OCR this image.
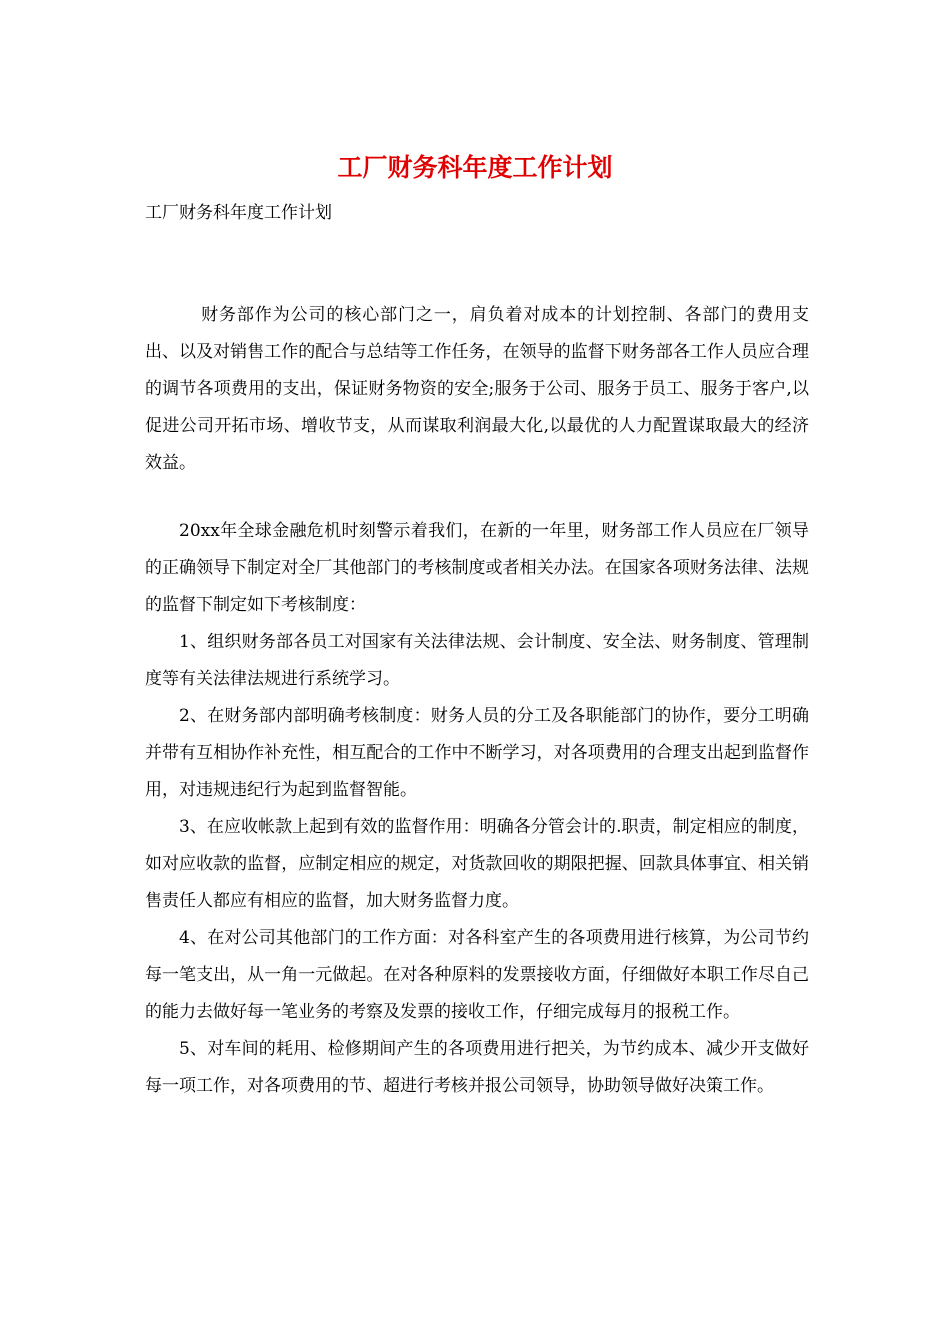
工厂财务科年度工作计划
工厂财务科年度工作计划

财务部作为公司的核心部门之一，肩负着对成本的计划控制、各部门的费用支出、以及对销售工作的配合与总结等工作任务，在领导的监督下财务部各工作人员应合理的调节各项费用的支出，保证财务物资的安全;服务于公司、服务于员工、服务于客户,以促进公司开拓市场、增收节支，从而谋取利润最大化,以最优的人力配置谋取最大的经济效益。

20xx年全球金融危机时刻警示着我们，在新的一年里，财务部工作人员应在厂领导的正确领导下制定对全厂其他部门的考核制度或者相关办法。在国家各项财务法律、法规的监督下制定如下考核制度：

1、组织财务部各员工对国家有关法律法规、会计制度、安全法、财务制度、管理制度等有关法律法规进行系统学习。

2、在财务部内部明确考核制度：财务人员的分工及各职能部门的协作，要分工明确并带有互相协作补充性，相互配合的工作中不断学习，对各项费用的合理支出起到监督作用，对违规违纪行为起到监督智能。

3、在应收帐款上起到有效的监督作用：明确各分管会计的.职责，制定相应的制度，如对应收款的监督，应制定相应的规定，对货款回收的期限把握、回款具体事宜、相关销售责任人都应有相应的监督，加大财务监督力度。

4、在对公司其他部门的工作方面：对各科室产生的各项费用进行核算，为公司节约每一笔支出，从一角一元做起。在对各种原料的发票接收方面，仔细做好本职工作尽自己的能力去做好每一笔业务的考察及发票的接收工作，仔细完成每月的报税工作。

5、对车间的耗用、检修期间产生的各项费用进行把关，为节约成本、减少开支做好每一项工作，对各项费用的节、超进行考核并报公司领导，协助领导做好决策工作。
